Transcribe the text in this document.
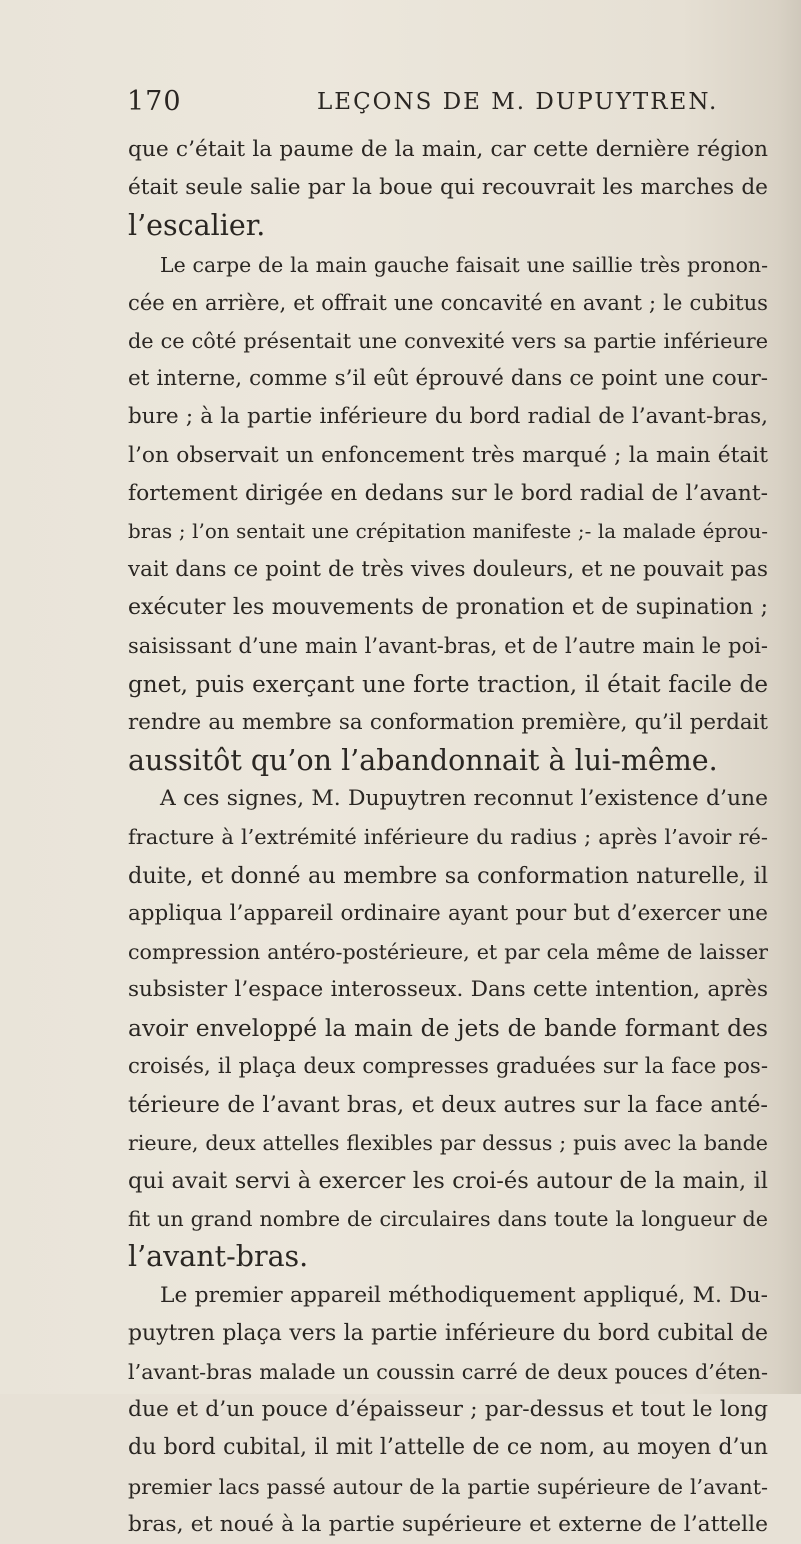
170	LEÇONS DE M. DUPUYTREN.
que c’était la paume de la main, car cette dernière région
était seule salie par la boue qui recouvrait les marches de
l’escalier.
Le carpe de la main gauche faisait une saillie très pronon-
cée en arrière, et offrait une concavité en avant ; le cubitus
de ce côté présentait une convexité vers sa partie inférieure
et interne, comme s’il eût éprouvé dans ce point une cour-
bure ; à la partie inférieure du bord radial de l’avant-bras,
l’on observait un enfoncement très marqué ; la main était
fortement dirigée en dedans sur le bord radial de l’avant-
bras ; l’on sentait une crépitation manifeste ;- la malade éprou-
vait dans ce point de très vives douleurs, et ne pouvait pas
exécuter les mouvements de pronation et de supination ;
saisissant d’une main l’avant-bras, et de l’autre main le poi-
gnet, puis exerçant une forte traction, il était facile de
rendre au membre sa conformation première, qu’il perdait
aussitôt qu’on l’abandonnait à lui-même.
A ces signes, M. Dupuytren reconnut l’existence d’une
fracture à l’extrémité inférieure du radius ; après l’avoir ré-
duite, et donné au membre sa conformation naturelle, il
appliqua l’appareil ordinaire ayant pour but d’exercer une
compression antéro-postérieure, et par cela même de laisser
subsister l’espace interosseux. Dans cette intention, après
avoir enveloppé la main de jets de bande formant des
croisés, il plaça deux compresses graduées sur la face pos-
térieure de l’avant bras, et deux autres sur la face anté-
rieure, deux attelles flexibles par dessus ; puis avec la bande
qui avait servi à exercer les croi-és autour de la main, il
fit un grand nombre de circulaires dans toute la longueur de
l’avant-bras.
Le premier appareil méthodiquement appliqué, M. Du-
puytren plaça vers la partie inférieure du bord cubital de
l’avant-bras malade un coussin carré de deux pouces d’éten-
due et d’un pouce d’épaisseur ; par-dessus et tout le long
du bord cubital, il mit l’attelle de ce nom, au moyen d’un
premier lacs passé autour de la partie supérieure de l’avant-
bras, et noué à la partie supérieure et externe de l’attelle
